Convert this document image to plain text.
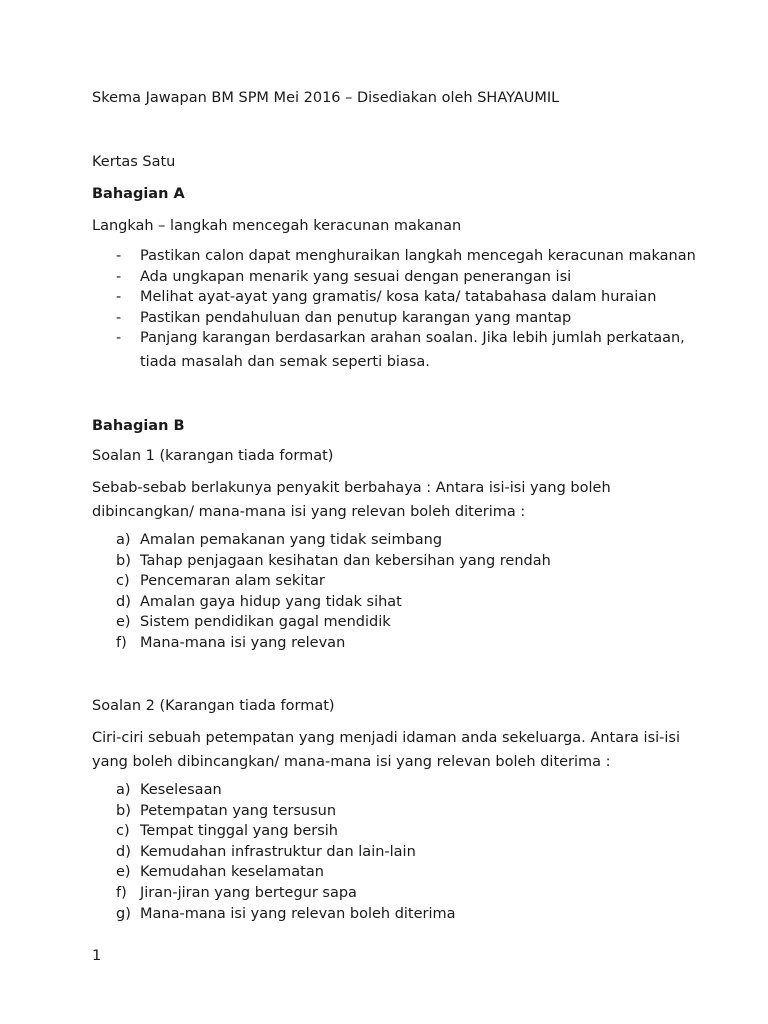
Skema Jawapan BM SPM Mei 2016 – Disediakan oleh SHAYAUMIL
Kertas Satu
Bahagian A
Langkah – langkah mencegah keracunan makanan
-	Pastikan calon dapat menghuraikan langkah mencegah keracunan makanan
-	Ada ungkapan menarik yang sesuai dengan penerangan isi
-	Melihat ayat-ayat yang gramatis/ kosa kata/ tatabahasa dalam huraian
-	Pastikan pendahuluan dan penutup karangan yang mantap
-	Panjang karangan berdasarkan arahan soalan. Jika lebih jumlah perkataan,
tiada masalah dan semak seperti biasa.
Bahagian B
Soalan 1 (karangan tiada format)
Sebab-sebab berlakunya penyakit berbahaya : Antara isi-isi yang boleh
dibincangkan/ mana-mana isi yang relevan boleh diterima :
a) Amalan pemakanan yang tidak seimbang
b) Tahap penjagaan kesihatan dan kebersihan yang rendah
c) Pencemaran alam sekitar
d) Amalan gaya hidup yang tidak sihat
e) Sistem pendidikan gagal mendidik
f) Mana-mana isi yang relevan
Soalan 2 (Karangan tiada format)
Ciri-ciri sebuah petempatan yang menjadi idaman anda sekeluarga. Antara isi-isi
yang boleh dibincangkan/ mana-mana isi yang relevan boleh diterima :
a) Keselesaan
b) Petempatan yang tersusun
c) Tempat tinggal yang bersih
d) Kemudahan infrastruktur dan lain-lain
e) Kemudahan keselamatan
f) Jiran-jiran yang bertegur sapa
g) Mana-mana isi yang relevan boleh diterima
1
